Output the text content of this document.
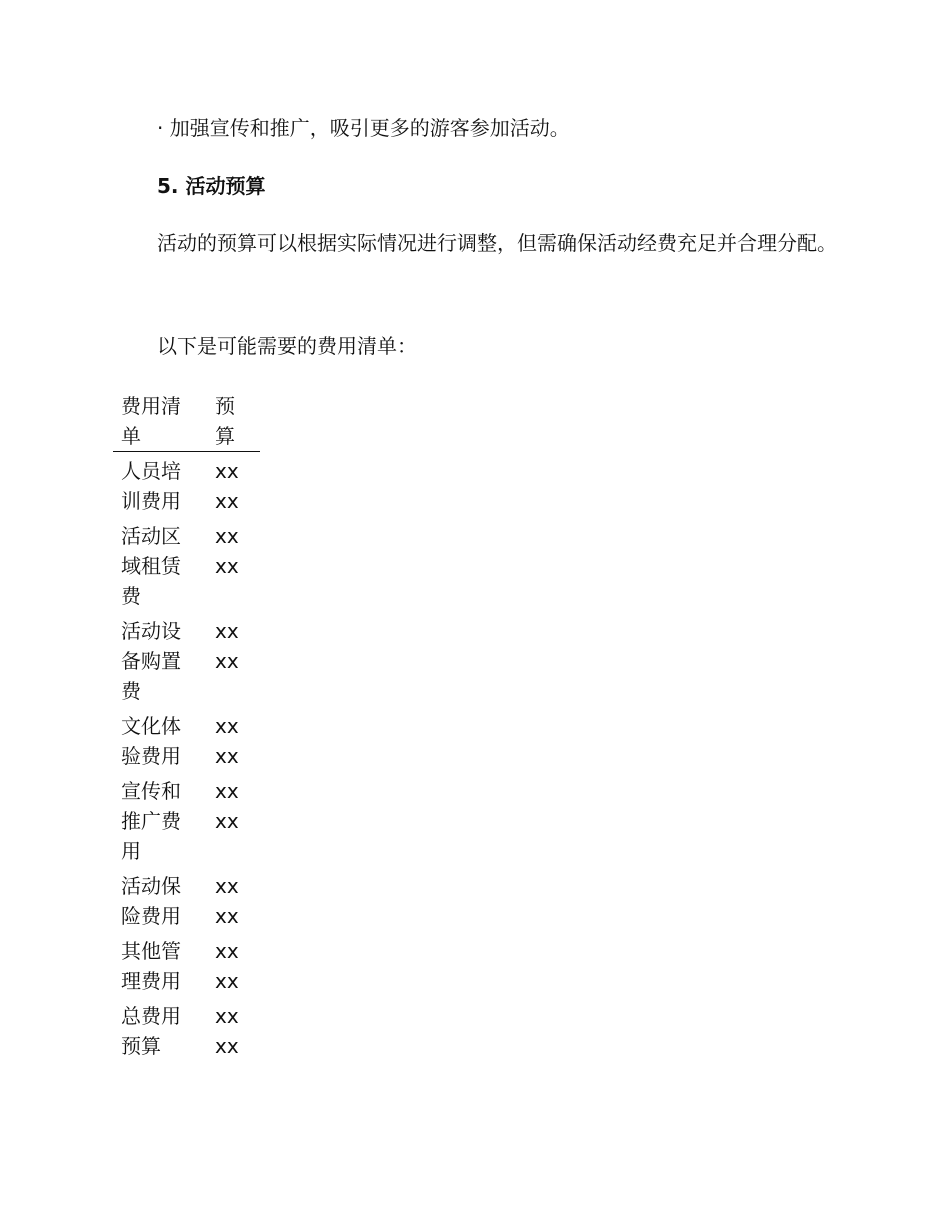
· 加强宣传和推广，吸引更多的游客参加活动。

5. 活动预算

活动的预算可以根据实际情况进行调整，但需确保活动经费充足并合理分配。

以下是可能需要的费用清单：

费用清单	预算
人员培训费用	xxxx
活动区域租赁费	xxxx
活动设备购置费	xxxx
文化体验费用	xxxx
宣传和推广费用	xxxx
活动保险费用	xxxx
其他管理费用	xxxx
总费用预算	xxxx
